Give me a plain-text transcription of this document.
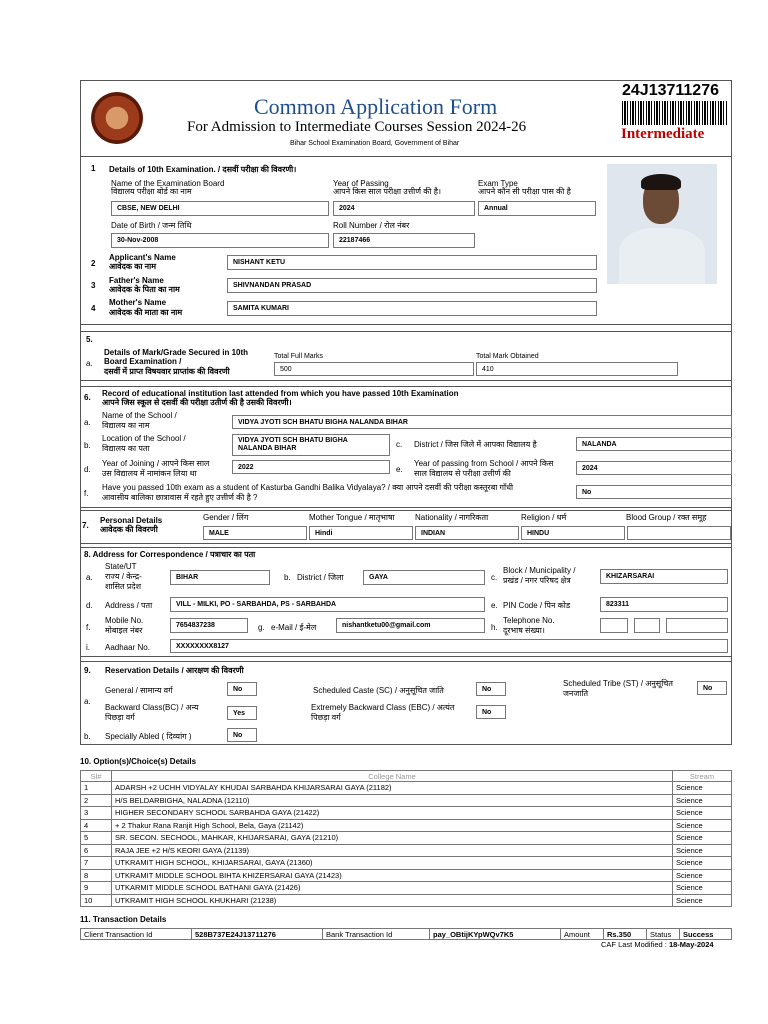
Common Application Form
For Admission to Intermediate Courses Session 2024-26
Bihar School Examination Board, Government of Bihar
24J13711276
Intermediate
1 Details of 10th Examination. / दसवीं परीक्षा की विवरणी।
Name of the Examination Board
विद्यालय परीक्षा बोर्ड का नाम
CBSE, NEW DELHI
Year of Passing
आपने किस साल परीक्षा उत्तीर्ण की है।
2024
Exam Type
आपने कौन सी परीक्षा पास की है
Annual
Date of Birth / जन्म तिथि
30-Nov-2008
Roll Number / रोल नंबर
22187466
2
Applicant's Name
आवेदक का नाम	NISHANT KETU
3
Father's Name
आवेदक के पिता का नाम	SHIVNANDAN PRASAD
4
Mother's Name
आवेदक की माता का नाम	SAMITA KUMARI
5.
a.
Details of Mark/Grade Secured in 10th
Board Examination /
दसवीं में प्राप्त विषयवार प्राप्तांक की विवरणी
Total Full Marks
500
Total Mark Obtained
410
6. Record of educational institution last attended from which you have passed 10th Examination
आपने जिस स्कूल से दसवीं की परीक्षा उतीर्ण की है उसकी विवरणी।
a.
Name of the School /
विद्यालय का नाम	VIDYA JYOTI SCH BHATU BIGHA NALANDA BIHAR
b.
Location of the School /
विद्यालय का पता
VIDYA JYOTI SCH BHATU BIGHA
NALANDA BIHAR	c. District / जिस जिले में आपका विद्यालय है	NALANDA
d.
Year of Joining / आपने किस साल
उस विद्यालय में नामांकन लिया था
2022	e.
Year of passing from School / आपने किस
साल विद्यालय से परीक्षा उत्तीर्ण की
2024
f.
Have you passed 10th exam as a student of Kasturba Gandhi Balika Vidyalaya? / क्या आपने दसवीं की परीक्षा कस्तूरबा गाँधी
आवासीय बालिका छात्रावास में रहते हुए उत्तीर्ण की है ?
No
7.
Personal Details
आवेदक की विवरणी
Gender / लिंग
MALE
Mother Tongue / मातृभाषा
Hindi
Nationality / नागरिकता
INDIAN
Religion / धर्म
HINDU
Blood Group / रक्त समूह
8. Address for Correspondence / पत्राचार का पता
a.
State/UT
राज्य / केन्द्र-
शासित प्रदेश
BIHAR	b. District / जिला	GAYA	c.
Block / Municipality /
प्रखंड / नगर परिषद क्षेत्र	KHIZARSARAI
d. Address / पता	VILL - MILKI, PO - SARBAHDA, PS - SARBAHDA	e. PIN Code / पिन कोड	823311
f.
Mobile No.
मोबाइल नंबर
7654837238	g. e-Mail / ई-मेल	nishantketu00@gmail.com	h.
Telephone No.
दूरभाष संख्या।
i. Aadhaar No.	XXXXXXXX8127
9. Reservation Details / आरक्षण की विवरणी
a.
General / सामान्य वर्ग	No	Scheduled Caste (SC) / अनुसूचित जाति	No
Scheduled Tribe (ST) / अनुसूचित
जनजाति
No
Backward Class(BC) / अन्य
पिछड़ा वर्ग	Yes
Extremely Backward Class (EBC) / अत्यंत
पिछड़ा वर्ग
No
b. Specially Abled ( दिव्यांग )	No
10. Option(s)/Choice(s) Details
Sl#	College Name	Stream
1	ADARSH +2 UCHH VIDYALAY KHUDAI SARBAHDA KHIJARSARAI GAYA (21182)	Science
2	H/S BELDARBIGHA, NALADNA (12110)	Science
3	HIGHER SECONDARY SCHOOL SARBAHDA GAYA (21422)	Science
4	+ 2 Thakur Rana Ranjit High School, Bela, Gaya (21142)	Science
5	SR. SECON. SECHOOL, MAHKAR, KHIJARSARAI, GAYA (21210)	Science
6	RAJA JEE +2 H/S KEORI GAYA (21139)	Science
7	UTKRAMIT HIGH SCHOOL, KHIJARSARAI, GAYA (21360)	Science
8	UTKRAMIT MIDDLE SCHOOL BIHTA KHIZERSARAI GAYA (21423)	Science
9	UTKARMIT MIDDLE SCHOOL BATHANI GAYA (21426)	Science
10	UTKRAMIT HIGH SCHOOL KHUKHARI (21238)	Science
11. Transaction Details
Client Transaction Id	528B737E24J13711276	Bank Transaction Id	pay_OBtijKYpWQv7K5	Amount	Rs.350	Status	Success
CAF Last Modified : 18-May-2024
